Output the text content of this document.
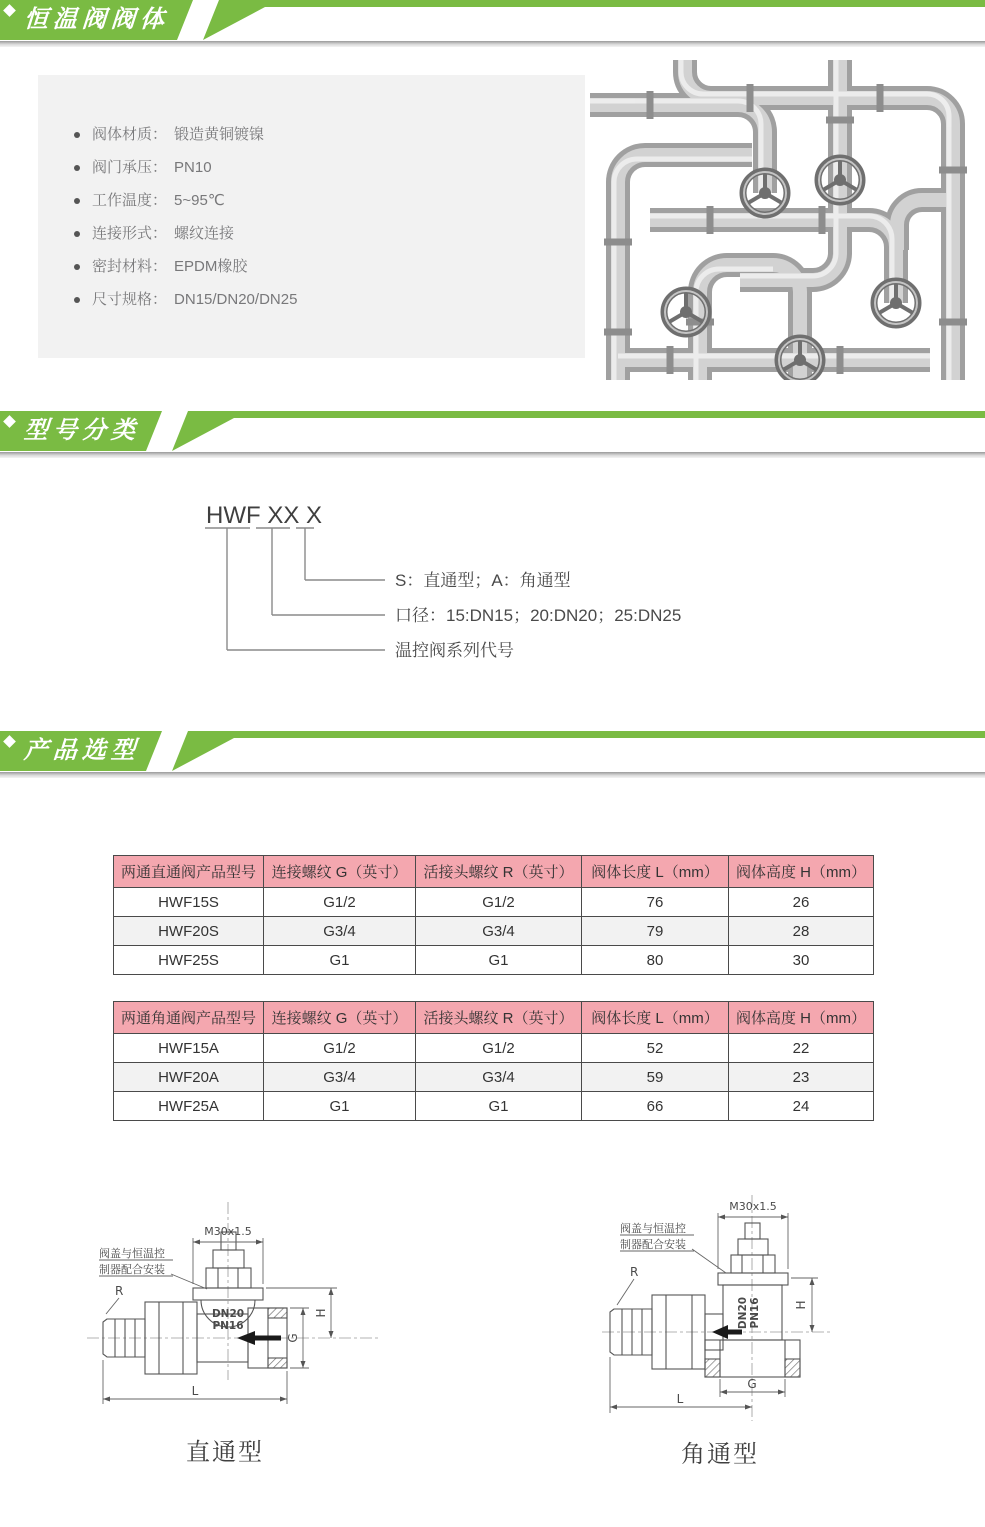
恒温阀阀体
阀体材质： 锻造黄铜镀镍
阀门承压： PN10
工作温度： 5~95℃
连接形式： 螺纹连接
密封材料： EPDM橡胶
尺寸规格： DN15/DN20/DN25
型号分类
HWF XX X
S：直通型；A：角通型
口径：15:DN15；20:DN20；25:DN25
温控阀系列代号
产品选型
两通直通阀产品型号	连接螺纹 G（英寸）	活接头螺纹 R（英寸）	阀体长度 L（mm）	阀体高度 H（mm）
HWF15S	G1/2	G1/2	76	26
HWF20S	G3/4	G3/4	79	28
HWF25S	G1	G1	80	30
两通角通阀产品型号	连接螺纹 G（英寸）	活接头螺纹 R（英寸）	阀体长度 L（mm）	阀体高度 H（mm）
HWF15A	G1/2	G1/2	52	22
HWF20A	G3/4	G3/4	59	23
HWF25A	G1	G1	66	24
M30x1.5
阀盖与恒温控
制器配合安装
R
DN20
PN16
H
G
L
直通型
M30x1.5
阀盖与恒温控
制器配合安装
R
DN20 PN16	H
G
L
角通型
